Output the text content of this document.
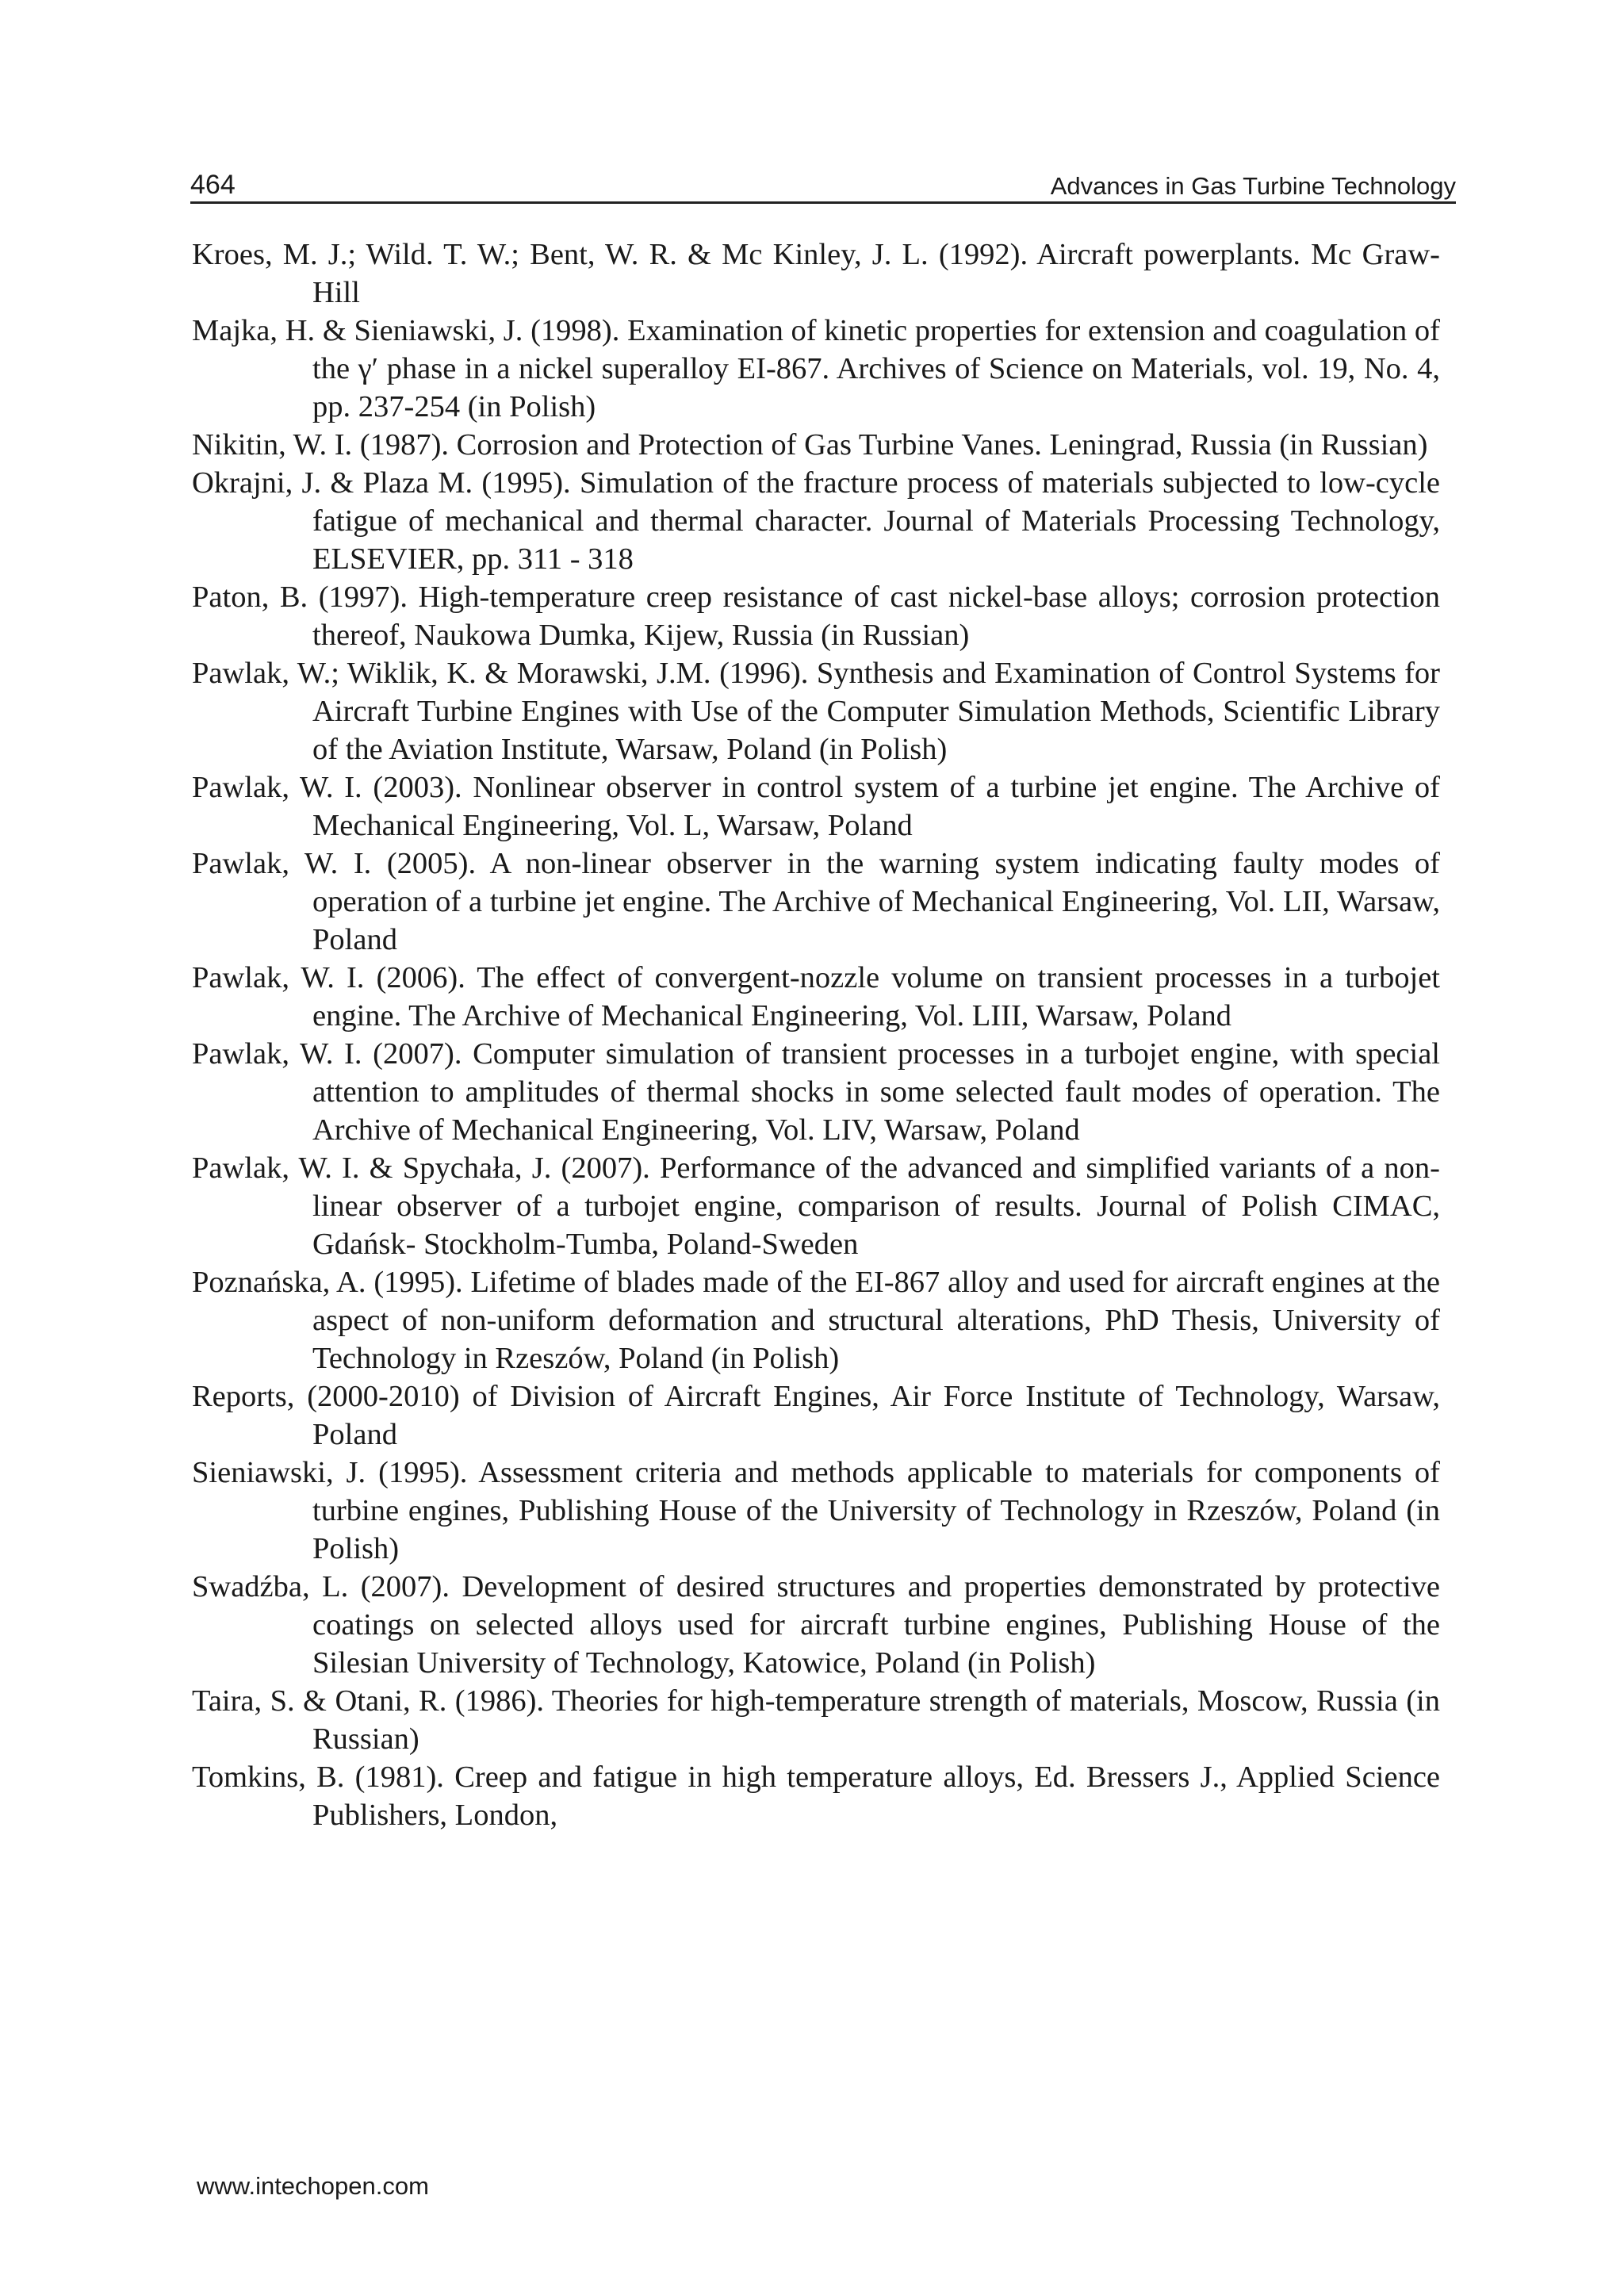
464	Advances in Gas Turbine Technology
Kroes, M. J.; Wild. T. W.; Bent, W. R. & Mc Kinley, J. L. (1992). Aircraft powerplants. Mc Graw- Hill
Majka, H. & Sieniawski, J. (1998). Examination of kinetic properties for extension and coagulation of the γ′ phase in a nickel superalloy EI-867. Archives of Science on Materials, vol. 19, No. 4, pp. 237-254 (in Polish)
Nikitin, W. I. (1987). Corrosion and Protection of Gas Turbine Vanes. Leningrad, Russia (in Russian)
Okrajni, J. & Plaza M. (1995). Simulation of the fracture process of materials subjected to low-cycle fatigue of mechanical and thermal character. Journal of Materials Processing Technology, ELSEVIER, pp. 311 - 318
Paton, B. (1997). High-temperature creep resistance of cast nickel-base alloys; corrosion protection thereof, Naukowa Dumka, Kijew, Russia (in Russian)
Pawlak, W.; Wiklik, K. & Morawski, J.M. (1996). Synthesis and Examination of Control Systems for Aircraft Turbine Engines with Use of the Computer Simulation Methods, Scientific Library of the Aviation Institute, Warsaw, Poland (in Polish)
Pawlak, W. I. (2003). Nonlinear observer in control system of a turbine jet engine. The Archive of Mechanical Engineering, Vol. L, Warsaw, Poland
Pawlak, W. I. (2005). A non-linear observer in the warning system indicating faulty modes of operation of a turbine jet engine. The Archive of Mechanical Engineering, Vol. LII, Warsaw, Poland
Pawlak, W. I. (2006). The effect of convergent-nozzle volume on transient processes in a turbojet engine. The Archive of Mechanical Engineering, Vol. LIII, Warsaw, Poland
Pawlak, W. I. (2007). Computer simulation of transient processes in a turbojet engine, with special attention to amplitudes of thermal shocks in some selected fault modes of operation. The Archive of Mechanical Engineering, Vol. LIV, Warsaw, Poland
Pawlak, W. I. & Spychała, J. (2007). Performance of the advanced and simplified variants of a non-linear observer of a turbojet engine, comparison of results. Journal of Polish CIMAC, Gdańsk- Stockholm-Tumba, Poland-Sweden
Poznańska, A. (1995). Lifetime of blades made of the EI-867 alloy and used for aircraft engines at the aspect of non-uniform deformation and structural alterations, PhD Thesis, University of Technology in Rzeszów, Poland (in Polish)
Reports, (2000-2010) of Division of Aircraft Engines, Air Force Institute of Technology, Warsaw, Poland
Sieniawski, J. (1995). Assessment criteria and methods applicable to materials for components of turbine engines, Publishing House of the University of Technology in Rzeszów, Poland (in Polish)
Swadźba, L. (2007). Development of desired structures and properties demonstrated by protective coatings on selected alloys used for aircraft turbine engines, Publishing House of the Silesian University of Technology, Katowice, Poland (in Polish)
Taira, S. & Otani, R. (1986). Theories for high-temperature strength of materials, Moscow, Russia (in Russian)
Tomkins, B. (1981). Creep and fatigue in high temperature alloys, Ed. Bressers J., Applied Science Publishers, London,
www.intechopen.com
